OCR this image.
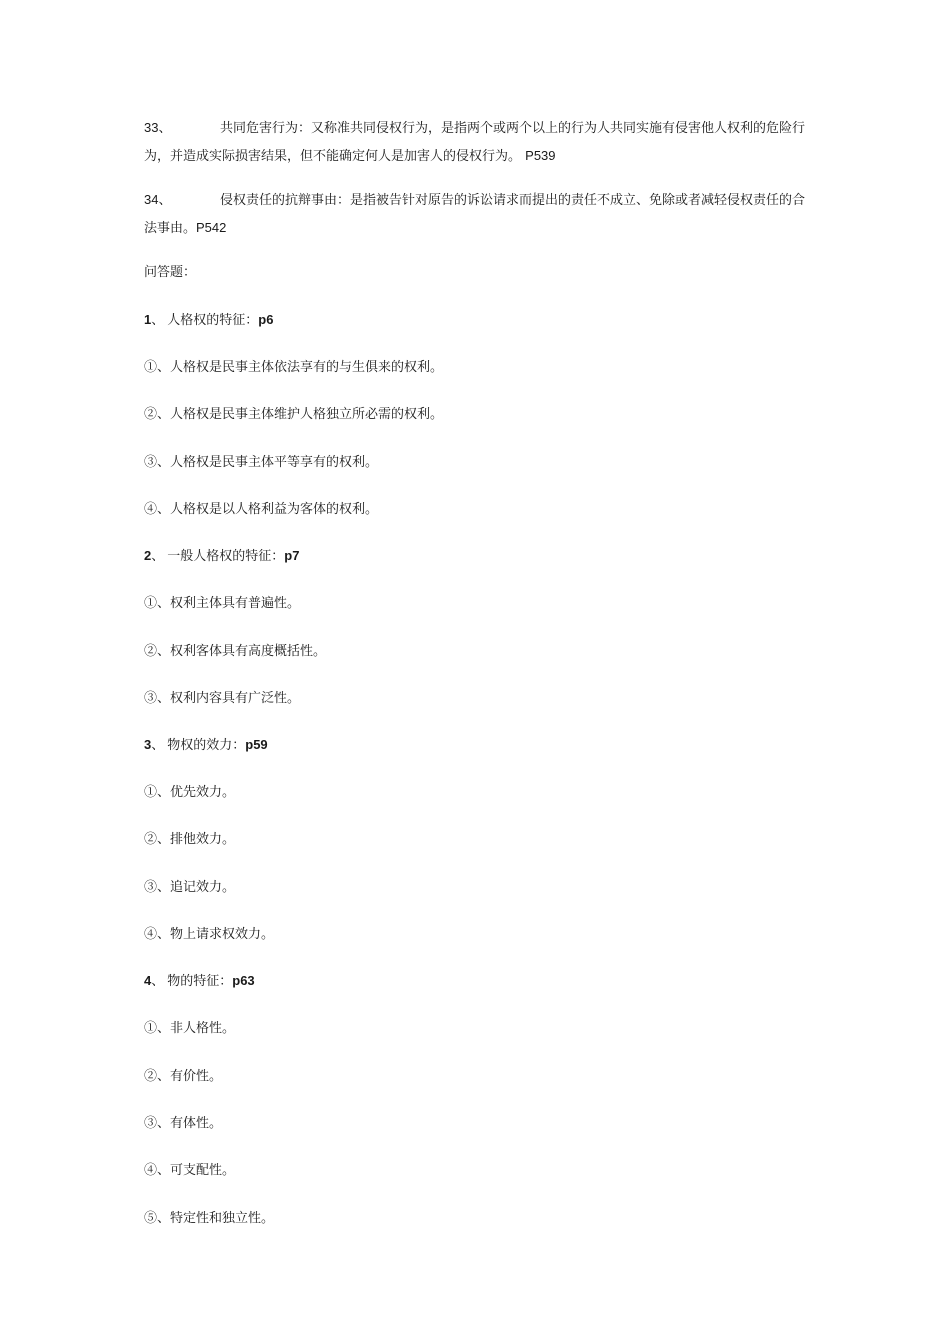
33、	共同危害行为：又称准共同侵权行为，是指两个或两个以上的行为人共同实施有侵害他人权利的危险行为，并造成实际损害结果，但不能确定何人是加害人的侵权行为。 P539
34、	侵权责任的抗辩事由：是指被告针对原告的诉讼请求而提出的责任不成立、免除或者减轻侵权责任的合法事由。P542
问答题：
1、 人格权的特征：p6
①、人格权是民事主体依法享有的与生俱来的权利。
②、人格权是民事主体维护人格独立所必需的权利。
③、人格权是民事主体平等享有的权利。
④、人格权是以人格利益为客体的权利。
2、 一般人格权的特征：p7
①、权利主体具有普遍性。
②、权利客体具有高度概括性。
③、权利内容具有广泛性。
3、 物权的效力：p59
①、优先效力。
②、排他效力。
③、追记效力。
④、物上请求权效力。
4、 物的特征：p63
①、非人格性。
②、有价性。
③、有体性。
④、可支配性。
⑤、特定性和独立性。
